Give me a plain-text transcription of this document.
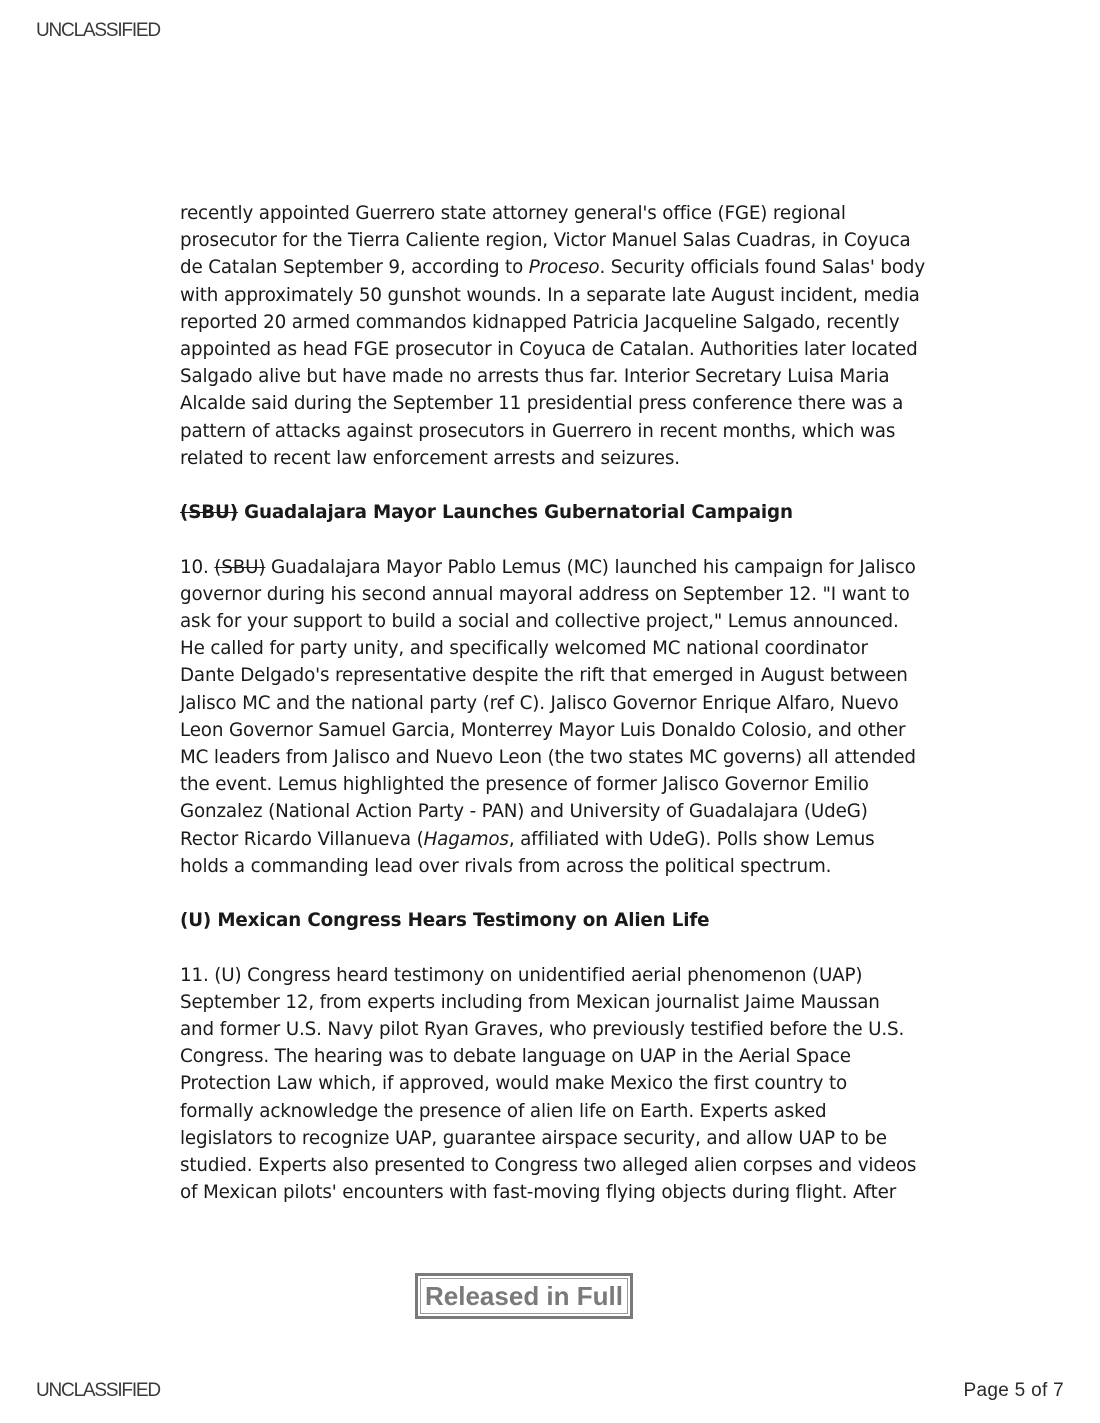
UNCLASSIFIED
recently appointed Guerrero state attorney general's office (FGE) regional
prosecutor for the Tierra Caliente region, Victor Manuel Salas Cuadras, in Coyuca
de Catalan September 9, according to Proceso. Security officials found Salas' body
with approximately 50 gunshot wounds. In a separate late August incident, media
reported 20 armed commandos kidnapped Patricia Jacqueline Salgado, recently
appointed as head FGE prosecutor in Coyuca de Catalan. Authorities later located
Salgado alive but have made no arrests thus far. Interior Secretary Luisa Maria
Alcalde said during the September 11 presidential press conference there was a
pattern of attacks against prosecutors in Guerrero in recent months, which was
related to recent law enforcement arrests and seizures.
(SBU) Guadalajara Mayor Launches Gubernatorial Campaign
10. (SBU) Guadalajara Mayor Pablo Lemus (MC) launched his campaign for Jalisco
governor during his second annual mayoral address on September 12. "I want to
ask for your support to build a social and collective project," Lemus announced.
He called for party unity, and specifically welcomed MC national coordinator
Dante Delgado's representative despite the rift that emerged in August between
Jalisco MC and the national party (ref C). Jalisco Governor Enrique Alfaro, Nuevo
Leon Governor Samuel Garcia, Monterrey Mayor Luis Donaldo Colosio, and other
MC leaders from Jalisco and Nuevo Leon (the two states MC governs) all attended
the event. Lemus highlighted the presence of former Jalisco Governor Emilio
Gonzalez (National Action Party - PAN) and University of Guadalajara (UdeG)
Rector Ricardo Villanueva (Hagamos, affiliated with UdeG). Polls show Lemus
holds a commanding lead over rivals from across the political spectrum.
(U) Mexican Congress Hears Testimony on Alien Life
11. (U) Congress heard testimony on unidentified aerial phenomenon (UAP)
September 12, from experts including from Mexican journalist Jaime Maussan
and former U.S. Navy pilot Ryan Graves, who previously testified before the U.S.
Congress. The hearing was to debate language on UAP in the Aerial Space
Protection Law which, if approved, would make Mexico the first country to
formally acknowledge the presence of alien life on Earth. Experts asked
legislators to recognize UAP, guarantee airspace security, and allow UAP to be
studied. Experts also presented to Congress two alleged alien corpses and videos
of Mexican pilots' encounters with fast-moving flying objects during flight. After
Released in Full
UNCLASSIFIED	Page 5 of 7
